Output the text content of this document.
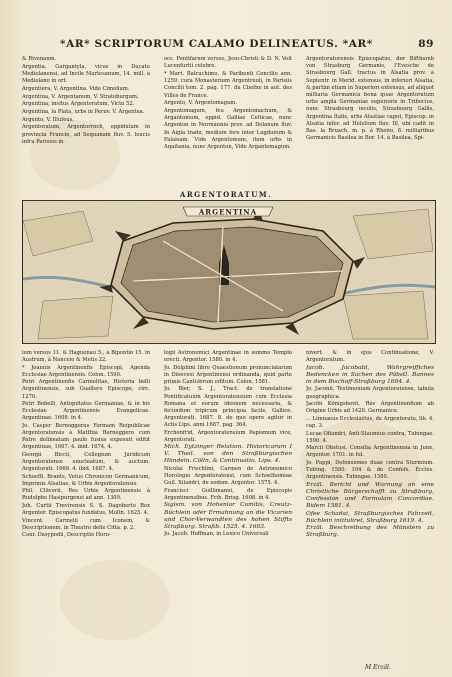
*AR* SCRIPTORUM CALAMO DELINEATUS. *AR*	89

& Rivenanm.

Argentia, Gargantyla, vicus in Ducatu Mediolanensi, ad Incile Martesanum, 14. mill. à Mediolano in ort.

Argentiera, V. Argentina. Vide Cimolium.

Argentina, V. Argentanum, V. Stratoburgum.

Argentina, insitus Argentoratum, Victo 52.

Argentina, la Plata, urbs in Peruv. V. Argentea.

Argento, V. Illufeus.

Argentoratum, Argentorroch, oppidulum in provincia Francie, ad Sequanam fluv. 5. leucis infra Parisios in

occ. Pontifarum versus, Jesu-Christi & D. N. Veit Lucenfurtii celebre.

* Mart. Batrachimo, & Paribenti Concilio ann. 1259. cura Monasterium Argentreoli, in Parisiis Concilii tom. 2. pag. 177. du Chefne in aut. des Villes de France.

Argento, V. Argentomagum.

Argentomagum, feu Argentomachum, & Argantomum, oppid. Galliae Celticae, nunc Argenton in Normannia prov. ad Dolanum fluv. In Aigla tradu, medium fere inter Lugdunum & Falaisam. Vide Argentomum, item urbs in Aquitania, nunc Argenton, Vide Argantomagum.

Argentoratorensis Episcopatus, der Bifthumb von Strasburg Germanis, l'Evesche de Strasbourg Gall. tractus in Alsatia prov. a Septentr. in Merid. extensus, in inferiori Alsatia, & partim etiam in Superiori extensus, ad aliquot milliaria Germanica bona quae Argentoratum urbs ampla Germaniae superioris in Tribocios, nunc Strasbourg incolis, Strasbourg Gallis, Argentina Italis, urbs Alsatiae caput, Episcop. in Alsatia infer. ad Helelium fluv. Ill, ubi cadit in Bas. la Bruach, m. p. à Rheno, 8. milliaribus Germanicis Basilea in Bor. 14. à Basilea, Spi-

ARGENTORATUM.
ARGENTINA

ium versus 11. & Haguenau 5., à Bipontio 15. in Austrum, à Nanceio & Metis 22.

* Joannis Argentinenfis Episcopi, Agenda Ecclesiae Argentinensis. Colon. 1590.

Petri Argentinenfis Carmelitae, Historia belli Argentinensis, sub Gualtero Episcopo, circ. 1270.

Petri Bobelli, Antiquitates Germaniae, & in his Ecclesiae Argentinensis Evangelicae. Argentinae. 1609. in 4.

Jo. Casper Bernoggerus Formam Reipublicae Argentoratensis à Matthia Berneggero cum Patre delineatam paulo fusius exposuit editit Argentinae, 1667. 4. ibid. 1674. 4.

Georgii Biccii, Collegium Juridicum Argentoratense enucleatum, & auctum. Argentorati. 1669. 4. ibid. 1687. 4.

Schoeffl. Brants, Vetus Chronicon Germanicum, Imprimis Alsatiae, & Urbis Argentoratensis.

Phil. Clüverii, Res Urbis Argentinensis à Rudolpho Hasipurgensi ad ann. 1309.

Joh. Curtii Trevirensis S. S. Dagoberto Rex Argentor. Episcopatus fundatus, Moltn. 1625. 4.

Vincent. Carmelii cum Iconem, & Descriptionem, in Theatro delle Citta. p. 2.

Conr. Dasypodii, Descriptio Horo-

logii Astronomici Argentinae in summo Templo erecti. Argentor. 1580. in 4.

Jo. Dolphini libro Quaestionum pronunciatarum in Dioecesi Argentinensi ordinanda, quid parte primis Cantisbrum editum. Colon. 1581.

Jo. Bier, S. J., Tract. de translatione Pontificatuum Argentoratensium cum Ecclesia Romana et eorum ideonem necessaria, & fecundum tripicum principia facile, Gallice. Argentorati. 1687. 8. de quo opere agitur in Actis Lips. anni 1687. pag. 364.

Erchenfrid, Argentoratensium Papismum vice, Argentorati.

Mich. Eytzinger Relation. Historicarum I V. Theil. von den Straßburgischen Händeln. Cölln, & Continuatio. Lips. 4.

Nicolai Frischlini, Carmen de Astronomico Horologio Argentoratensi, cum Schoelhomiae Guil. Xilandri, de eodem. Argentor. 1575. 4.

Francisci Guillimanni, de Episcopis Argentinensibus. Frib. Brisg. 1608. in 4.

Sigism. von Hohenlar Comitis, Creutz-Büchlein oder Ermahnung an die Vicarien und Chor-Verwandten des hohen Stiffts Straßburg. Straßb. 1525. 4. 1603.

Jo. Jacob. Hoffman, in Lexico Universali

niverf. & in ejus Continuatione, V. Argentoratum.

Jacob. Jacobatii, Wahrgreiffiches Bedencken in Sachen des Päbstl. Bannes in dem Bischoff-Straßburg 1604. 4.

Jo. Jaconii, Testimonium Argentoratense, tabula geographica.

Jacobi Königshovii, Res Argentinenfium ab Origine Urbis ad 1420. Germanice.

... Limnaeus Ecclesiastus, de Argentoratu, lib. 4. cap. 3.

Lucae Ofiandri, Anti-Staumius contra, Tubingae. 1590. 4.

Marcii Obstusi, Consilia Argentinensia in June, Argentor. 1701. in fol.

Jo. Pappi, Defensiones duae contra Sturmium. Tubing. 1580. 104 & de Confefs. Eccles. Argentinensis. Tubingae. 1580.

Erzäl. Bericht und Warnung an eine Christliche Bürgerschafft zu Straßburg, Confession und Formulam Concordiae. Bidem 1581. 4.

Ofee Schadai, Straßburgisches Fahrzeit, Büchlein intituliret, Straßburg 1619. 4.

Erzäl. Beschreibung des Münsters zu Straßburg.

M Erzäl.
